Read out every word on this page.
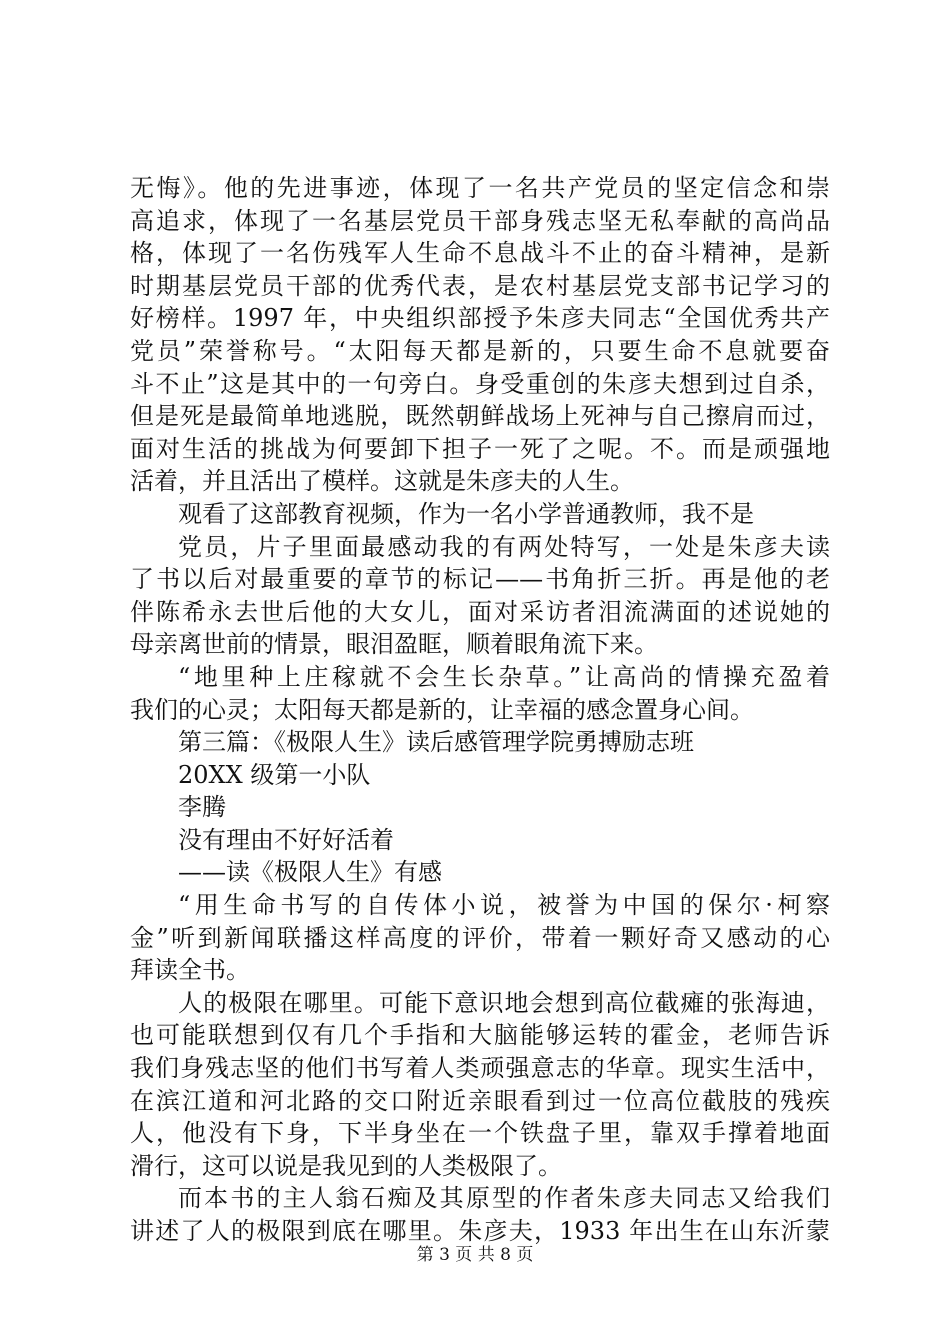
无悔》。他的先进事迹，体现了一名共产党员的坚定信念和崇
高追求，体现了一名基层党员干部身残志坚无私奉献的高尚品
格，体现了一名伤残军人生命不息战斗不止的奋斗精神，是新
时期基层党员干部的优秀代表，是农村基层党支部书记学习的
好榜样。1997 年，中央组织部授予朱彦夫同志“全国优秀共产
党员”荣誉称号。“太阳每天都是新的，只要生命不息就要奋
斗不止”这是其中的一句旁白。身受重创的朱彦夫想到过自杀，
但是死是最简单地逃脱，既然朝鲜战场上死神与自己擦肩而过，
面对生活的挑战为何要卸下担子一死了之呢。不。而是顽强地
活着，并且活出了模样。这就是朱彦夫的人生。
观看了这部教育视频，作为一名小学普通教师，我不是
党员，片子里面最感动我的有两处特写，一处是朱彦夫读
了书以后对最重要的章节的标记——书角折三折。再是他的老
伴陈希永去世后他的大女儿，面对采访者泪流满面的述说她的
母亲离世前的情景，眼泪盈眶，顺着眼角流下来。
“地里种上庄稼就不会生长杂草。”让高尚的情操充盈着
我们的心灵；太阳每天都是新的，让幸福的感念置身心间。
第三篇：《极限人生》读后感管理学院勇搏励志班
20XX 级第一小队
李腾
没有理由不好好活着
——读《极限人生》有感
“用生命书写的自传体小说，被誉为中国的保尔·柯察
金”听到新闻联播这样高度的评价，带着一颗好奇又感动的心
拜读全书。
人的极限在哪里。可能下意识地会想到高位截瘫的张海迪，
也可能联想到仅有几个手指和大脑能够运转的霍金，老师告诉
我们身残志坚的他们书写着人类顽强意志的华章。现实生活中，
在滨江道和河北路的交口附近亲眼看到过一位高位截肢的残疾
人，他没有下身，下半身坐在一个铁盘子里，靠双手撑着地面
滑行，这可以说是我见到的人类极限了。
而本书的主人翁石痴及其原型的作者朱彦夫同志又给我们
讲述了人的极限到底在哪里。朱彦夫，1933 年出生在山东沂蒙
第 3 页 共 8 页
